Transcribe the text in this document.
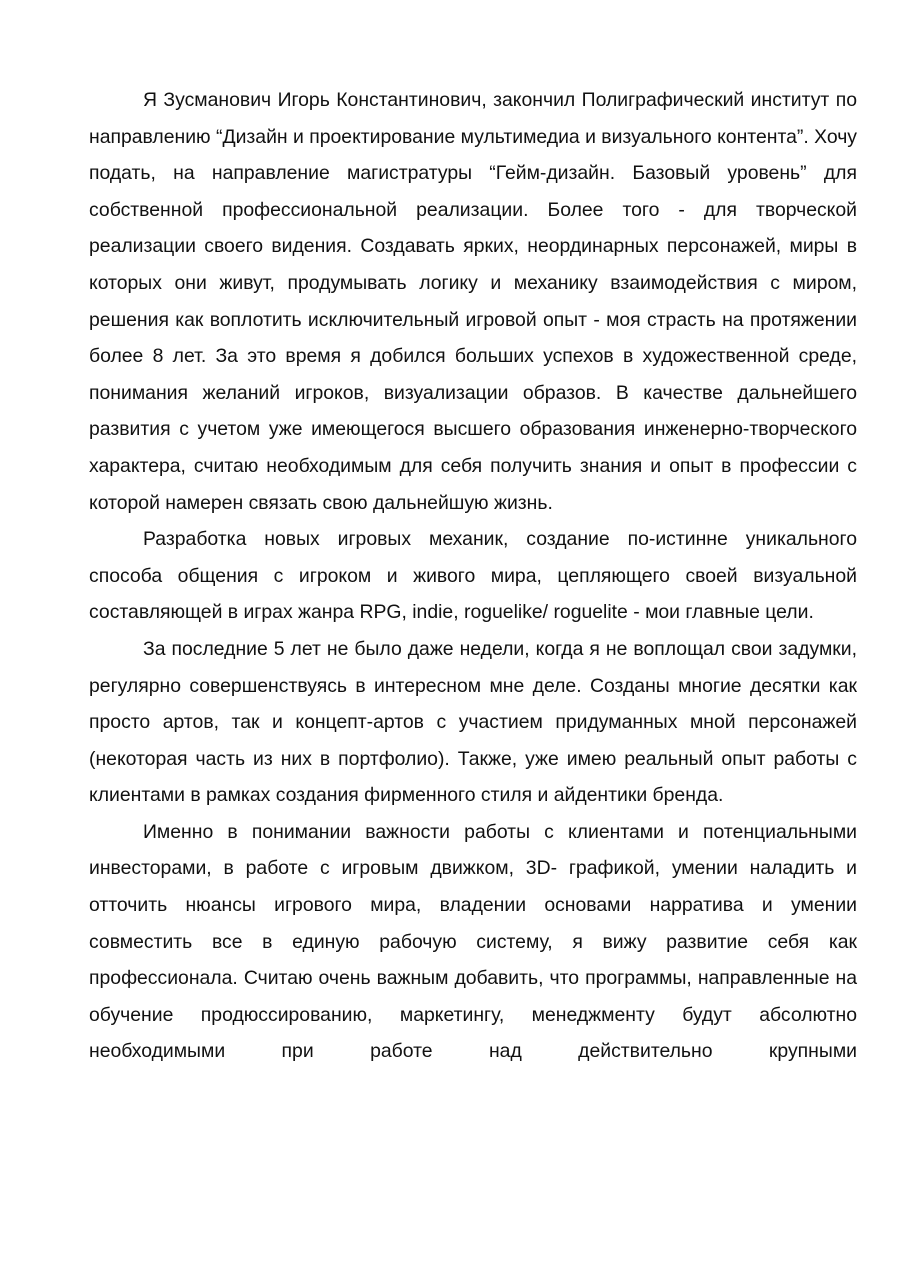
Я Зусманович Игорь Константинович, закончил Полиграфический институт по направлению “Дизайн и проектирование мультимедиа и визуального контента”. Хочу подать, на направление магистратуры “Гейм-дизайн. Базовый уровень” для собственной профессиональной реализации. Более того - для творческой реализации своего видения. Создавать ярких, неординарных персонажей, миры в которых они живут, продумывать логику и механику взаимодействия с миром, решения как воплотить исключительный игровой опыт - моя страсть на протяжении более 8 лет. За это время я добился больших успехов в художественной среде, понимания желаний игроков, визуализации образов. В качестве дальнейшего развития с учетом уже имеющегося высшего образования инженерно-творческого характера, считаю необходимым для себя получить знания и опыт в профессии с которой намерен связать свою дальнейшую жизнь.

Разработка новых игровых механик, создание по-истинне уникального способа общения с игроком и живого мира, цепляющего своей визуальной составляющей в играх жанра RPG, indie, roguelike/ roguelite - мои главные цели.

За последние 5 лет не было даже недели, когда я не воплощал свои задумки, регулярно совершенствуясь в интересном мне деле. Созданы многие десятки как просто артов, так и концепт-артов с участием придуманных мной персонажей (некоторая часть из них в портфолио). Также, уже имею реальный опыт работы с клиентами в рамках создания фирменного стиля и айдентики бренда.

Именно в понимании важности работы с клиентами и потенциальными инвесторами, в работе с игровым движком, 3D- графикой, умении наладить и отточить нюансы игрового мира, владении основами нарратива и умении совместить все в единую рабочую систему, я вижу развитие себя как профессионала. Считаю очень важным добавить, что программы, направленные на обучение продюссированию, маркетингу, менеджменту будут абсолютно необходимыми при работе над действительно крупными
